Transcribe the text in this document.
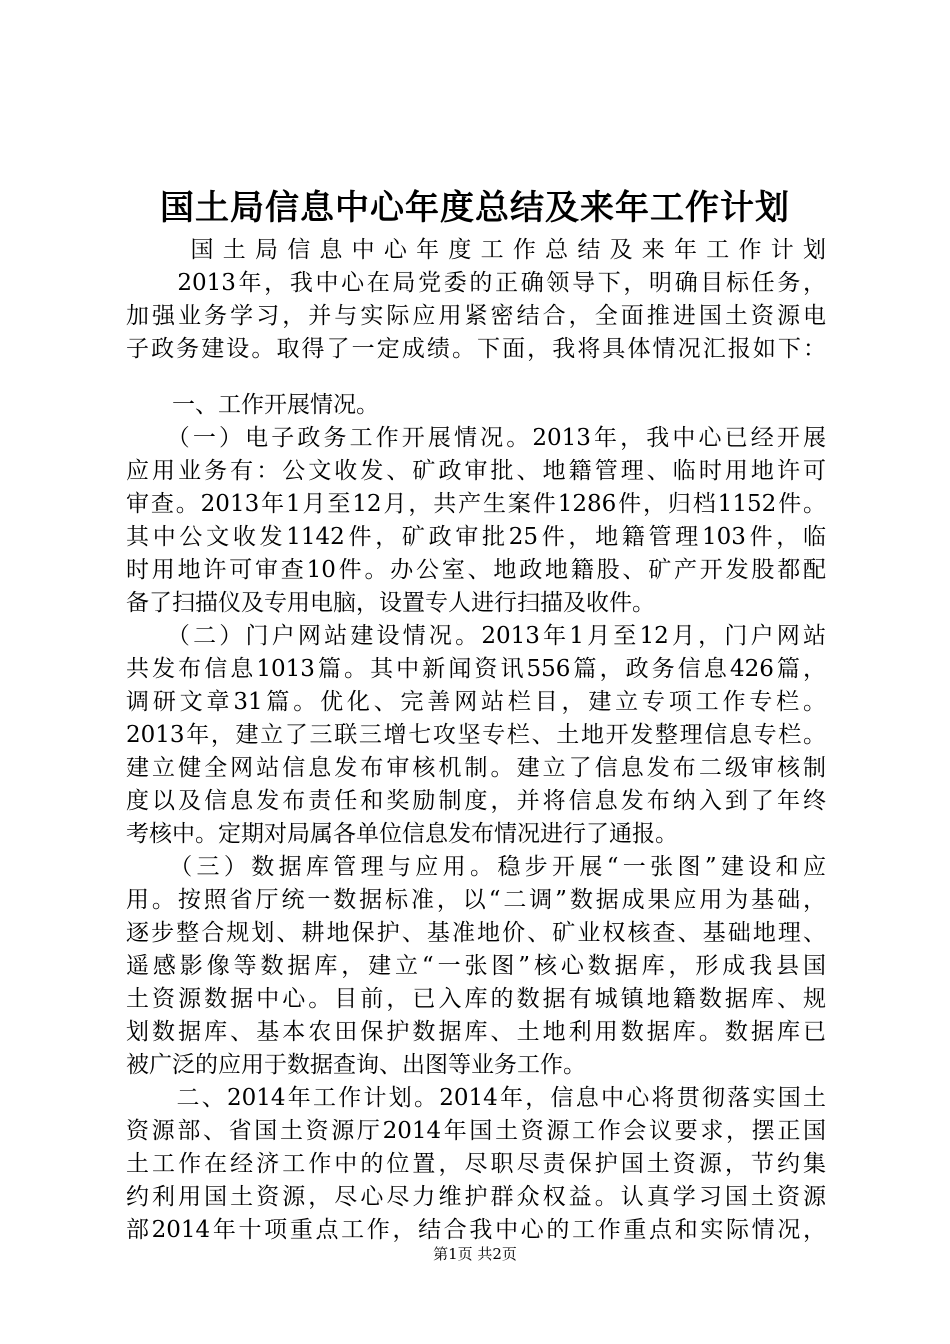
国土局信息中心年度总结及来年工作计划
　　国土局信息中心年度工作总结及来年工作计划
　　2013年，我中心在局党委的正确领导下，明确目标任务，
加强业务学习，并与实际应用紧密结合，全面推进国土资源电
子政务建设。取得了一定成绩。下面，我将具体情况汇报如下：
　　一、工作开展情况。
　　（一）电子政务工作开展情况。2013年，我中心已经开展
应用业务有：公文收发、矿政审批、地籍管理、临时用地许可
审查。2013年1月至12月，共产生案件1286件，归档1152件。
其中公文收发1142件，矿政审批25件，地籍管理103件，临
时用地许可审查10件。办公室、地政地籍股、矿产开发股都配
备了扫描仪及专用电脑，设置专人进行扫描及收件。
　　（二）门户网站建设情况。2013年1月至12月，门户网站
共发布信息1013篇。其中新闻资讯556篇，政务信息426篇，
调研文章31篇。优化、完善网站栏目，建立专项工作专栏。
2013年，建立了三联三增七攻坚专栏、土地开发整理信息专栏。
建立健全网站信息发布审核机制。建立了信息发布二级审核制
度以及信息发布责任和奖励制度，并将信息发布纳入到了年终
考核中。定期对局属各单位信息发布情况进行了通报。
　　（三）数据库管理与应用。稳步开展“一张图”建设和应
用。按照省厅统一数据标准，以“二调”数据成果应用为基础，
逐步整合规划、耕地保护、基准地价、矿业权核查、基础地理、
遥感影像等数据库，建立“一张图”核心数据库，形成我县国
土资源数据中心。目前，已入库的数据有城镇地籍数据库、规
划数据库、基本农田保护数据库、土地利用数据库。数据库已
被广泛的应用于数据查询、出图等业务工作。
　　二、2014年工作计划。2014年，信息中心将贯彻落实国土
资源部、省国土资源厅2014年国土资源工作会议要求，摆正国
土工作在经济工作中的位置，尽职尽责保护国土资源，节约集
约利用国土资源，尽心尽力维护群众权益。认真学习国土资源
部2014年十项重点工作，结合我中心的工作重点和实际情况，
第1页 共2页
